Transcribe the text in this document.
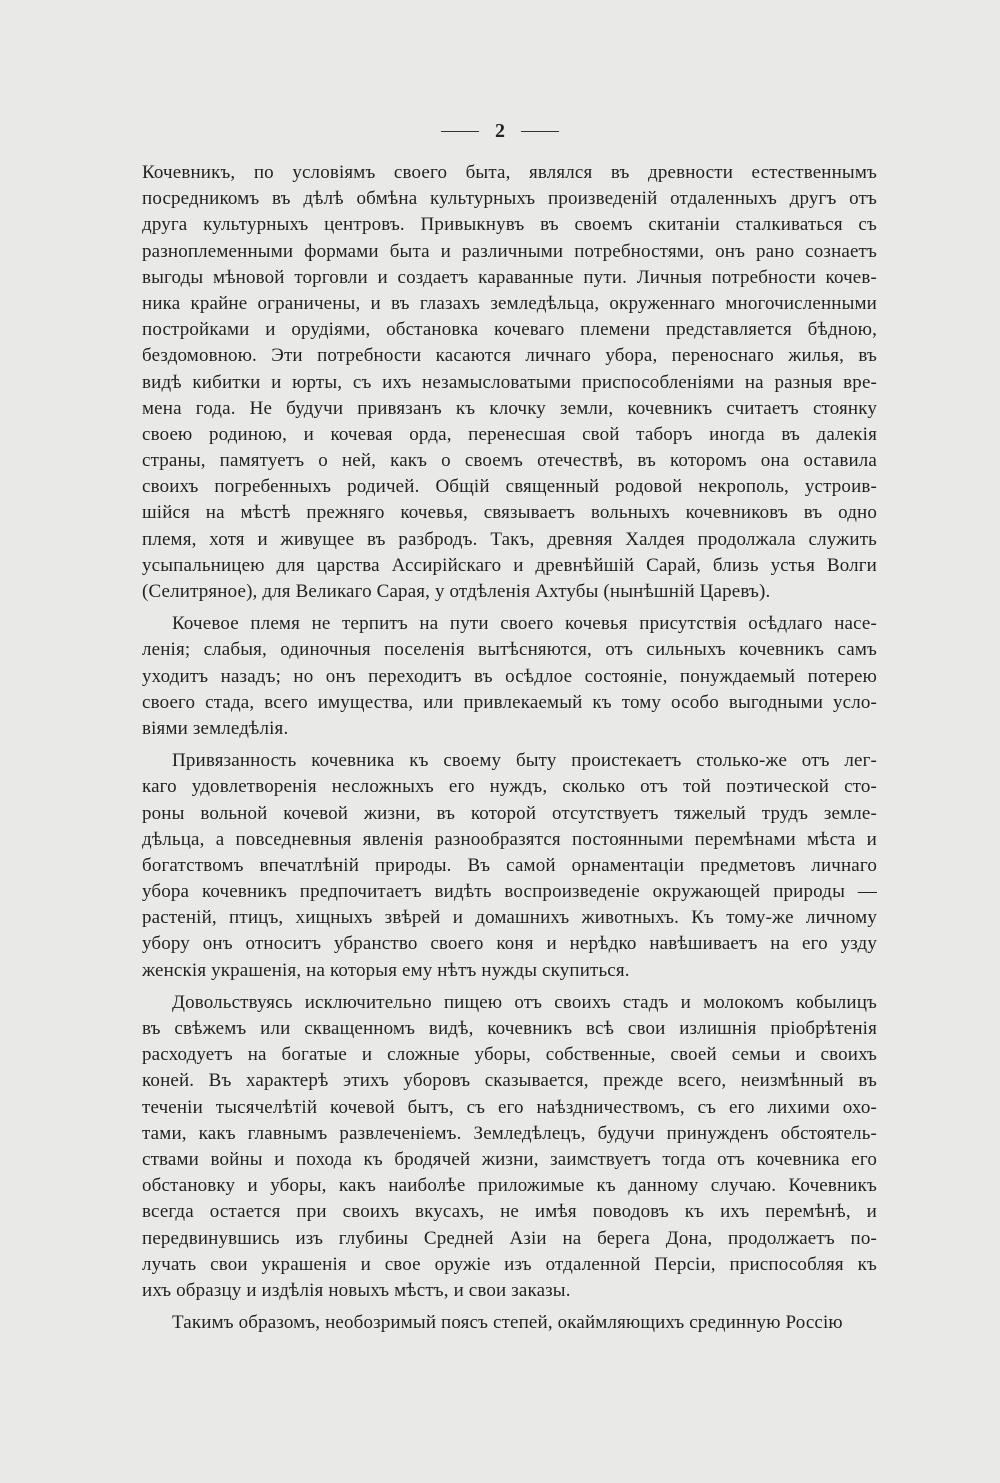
2
Кочевникъ, по условіямъ своего быта, являлся въ древности естественнымъ
посредникомъ въ дѣлѣ обмѣна культурныхъ произведеній отдаленныхъ другъ отъ
друга культурныхъ центровъ. Привыкнувъ въ своемъ скитаніи сталкиваться съ
разноплеменными формами быта и различными потребностями, онъ рано сознаетъ
выгоды мѣновой торговли и создаетъ караванные пути. Личныя потребности кочев-
ника крайне ограничены, и въ глазахъ земледѣльца, окруженнаго многочисленными
постройками и орудіями, обстановка кочеваго племени представляется бѣдною,
бездомовною. Эти потребности касаются личнаго убора, переноснаго жилья, въ
видѣ кибитки и юрты, съ ихъ незамысловатыми приспособленіями на разныя вре-
мена года. Не будучи привязанъ къ клочку земли, кочевникъ считаетъ стоянку
своею родиною, и кочевая орда, перенесшая свой таборъ иногда въ далекія
страны, памятуетъ о ней, какъ о своемъ отечествѣ, въ которомъ она оставила
своихъ погребенныхъ родичей. Общій священный родовой некрополь, устроив-
шійся на мѣстѣ прежняго кочевья, связываетъ вольныхъ кочевниковъ въ одно
племя, хотя и живущее въ разбродъ. Такъ, древняя Халдея продолжала служить
усыпальницею для царства Ассирійскаго и древнѣйшій Сарай, близь устья Волги
(Селитряное), для Великаго Сарая, у отдѣленія Ахтубы (нынѣшній Царевъ).
Кочевое племя не терпитъ на пути своего кочевья присутствія осѣдлаго насе-
ленія; слабыя, одиночныя поселенія вытѣсняются, отъ сильныхъ кочевникъ самъ
уходитъ назадъ; но онъ переходитъ въ осѣдлое состояніе, понуждаемый потерею
своего стада, всего имущества, или привлекаемый къ тому особо выгодными усло-
віями земледѣлія.
Привязанность кочевника къ своему быту проистекаетъ столько-же отъ лег-
каго удовлетворенія несложныхъ его нуждъ, сколько отъ той поэтической сто-
роны вольной кочевой жизни, въ которой отсутствуетъ тяжелый трудъ земле-
дѣльца, а повседневныя явленія разнообразятся постоянными перемѣнами мѣста и
богатствомъ впечатлѣній природы. Въ самой орнаментаціи предметовъ личнаго
убора кочевникъ предпочитаетъ видѣть воспроизведеніе окружающей природы —
растеній, птицъ, хищныхъ звѣрей и домашнихъ животныхъ. Къ тому-же личному
убору онъ относитъ убранство своего коня и нерѣдко навѣшиваетъ на его узду
женскія украшенія, на которыя ему нѣтъ нужды скупиться.
Довольствуясь исключительно пищею отъ своихъ стадъ и молокомъ кобылицъ
въ свѣжемъ или скващенномъ видѣ, кочевникъ всѣ свои излишнія пріобрѣтенія
расходуетъ на богатые и сложные уборы, собственные, своей семьи и своихъ
коней. Въ характерѣ этихъ уборовъ сказывается, прежде всего, неизмѣнный въ
теченіи тысячелѣтій кочевой бытъ, съ его наѣздничествомъ, съ его лихими охо-
тами, какъ главнымъ развлеченіемъ. Земледѣлецъ, будучи принужденъ обстоятель-
ствами войны и похода къ бродячей жизни, заимствуетъ тогда отъ кочевника его
обстановку и уборы, какъ наиболѣе приложимые къ данному случаю. Кочевникъ
всегда остается при своихъ вкусахъ, не имѣя поводовъ къ ихъ перемѣнѣ, и
передвинувшись изъ глубины Средней Азіи на берега Дона, продолжаетъ по-
лучать свои украшенія и свое оружіе изъ отдаленной Персіи, приспособляя къ
ихъ образцу и издѣлія новыхъ мѣстъ, и свои заказы.
Такимъ образомъ, необозримый поясъ степей, окаймляющихъ срединную Россію
